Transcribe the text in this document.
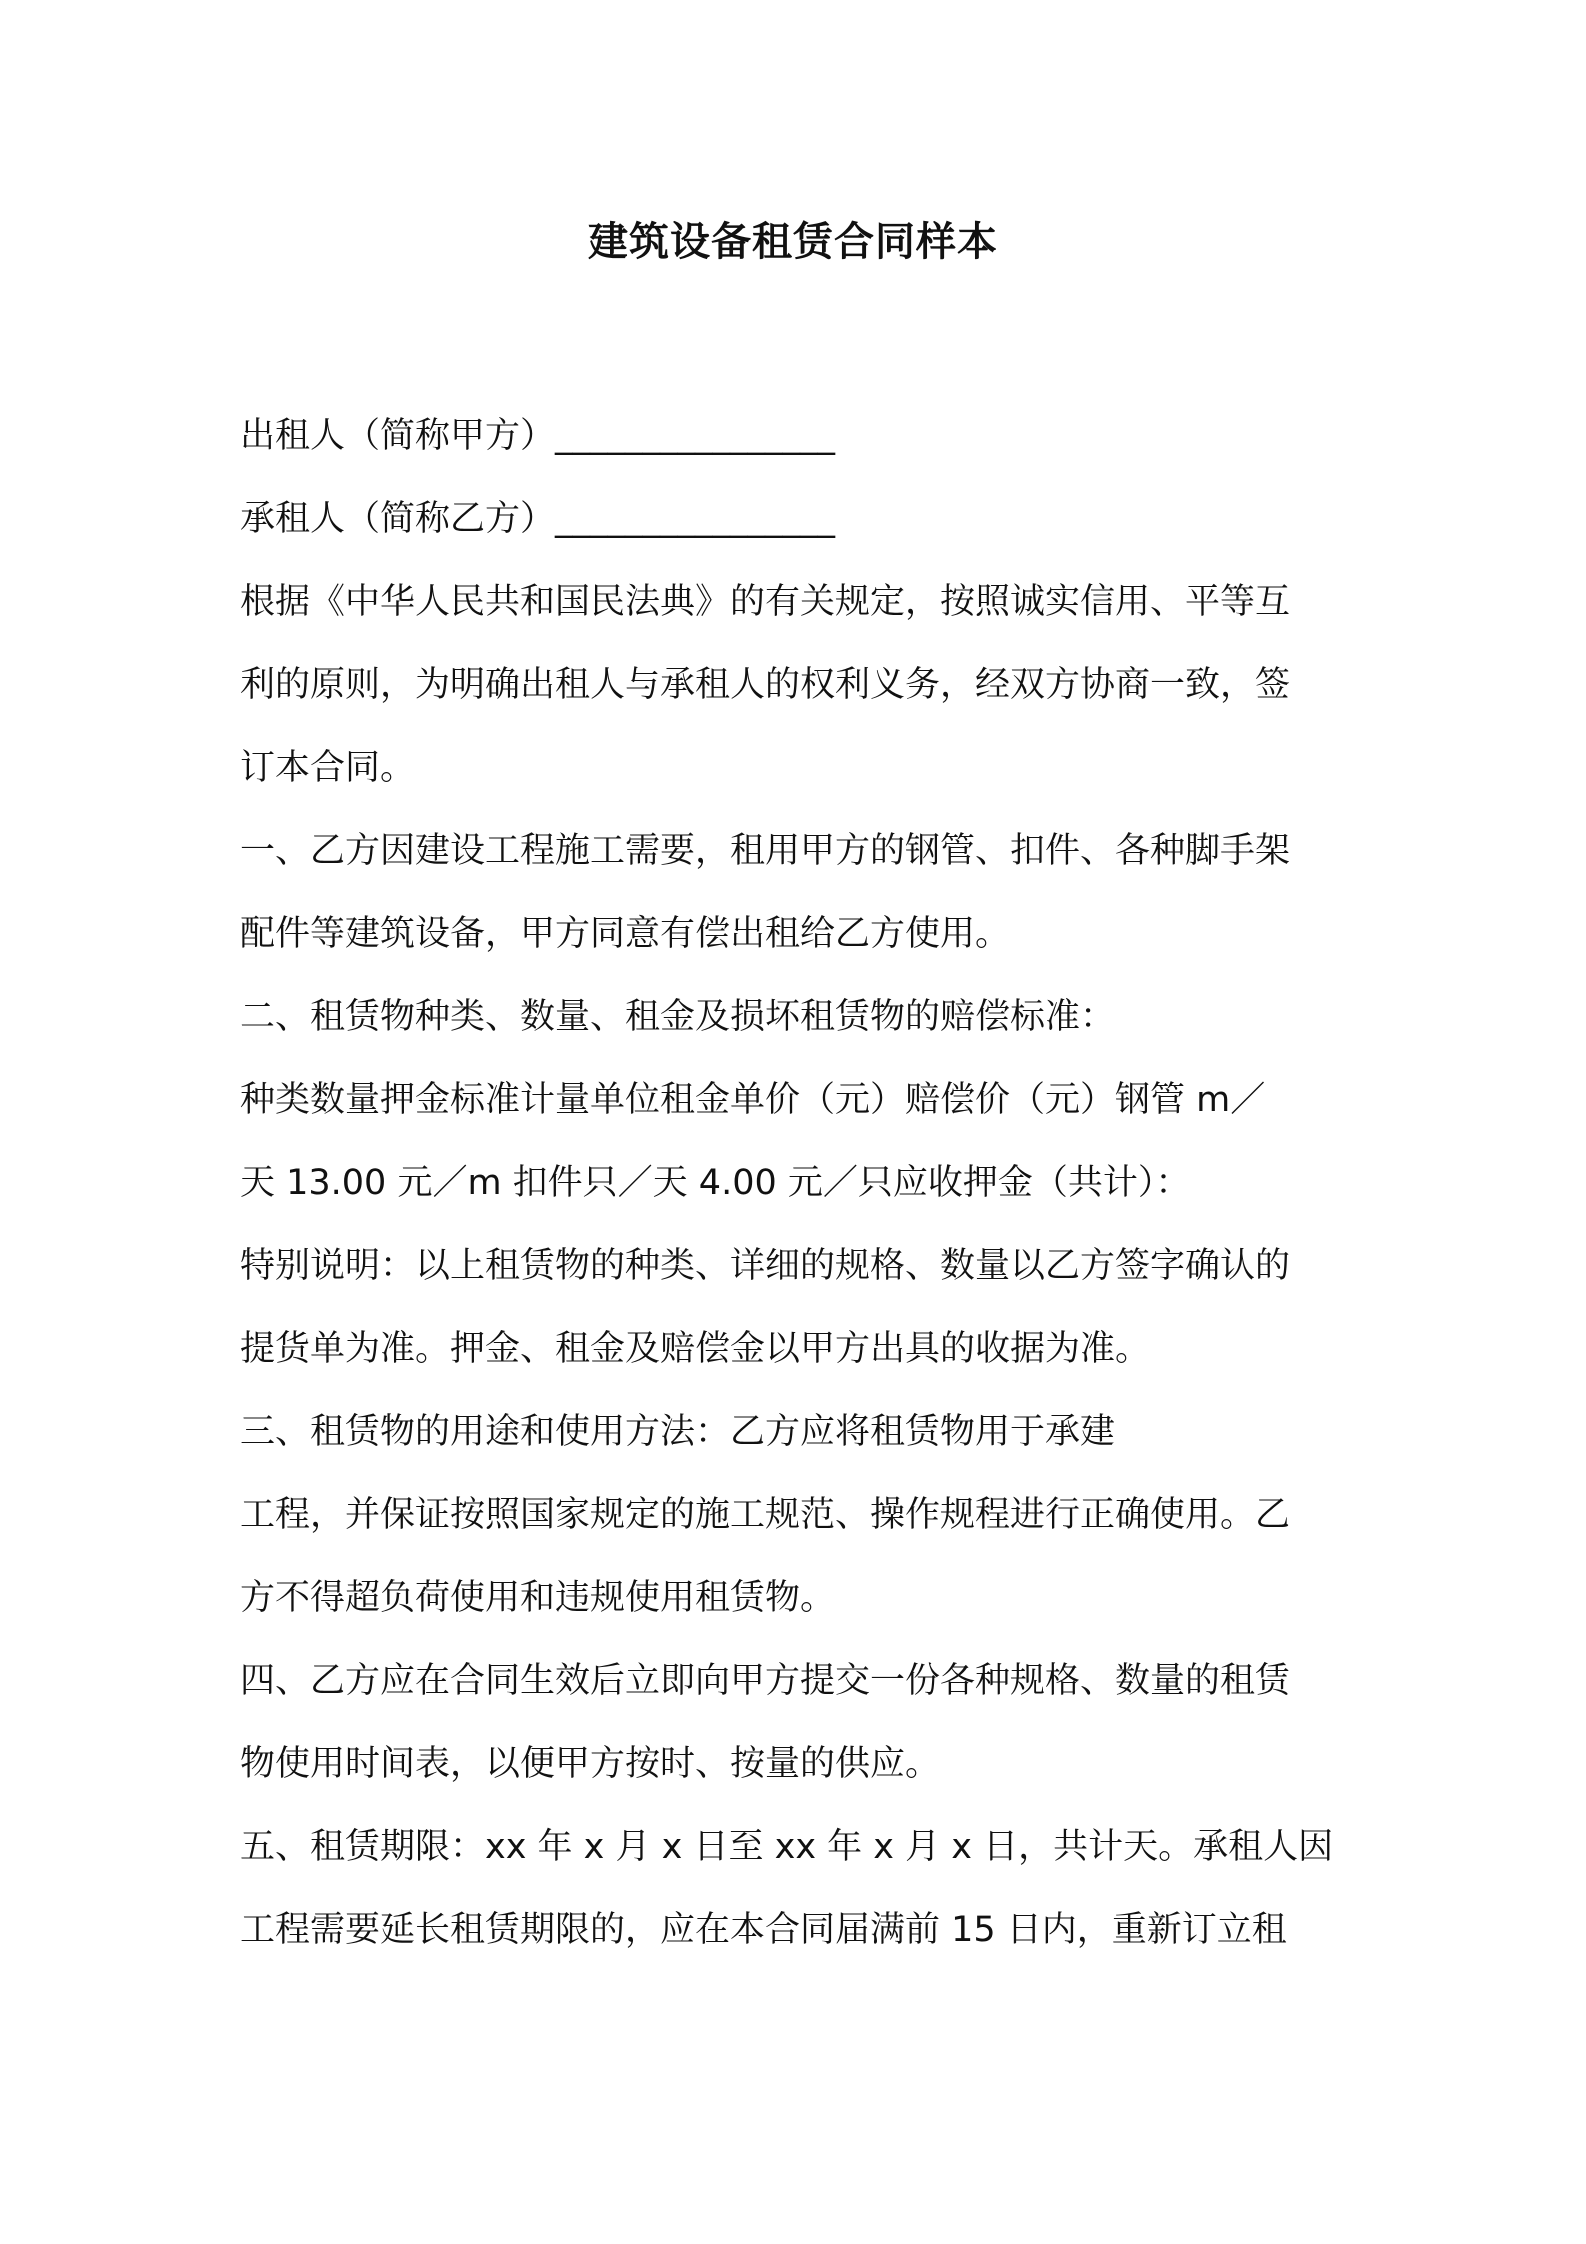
建筑设备租赁合同样本
出租人（简称甲方）________________
承租人（简称乙方）________________
根据《中华人民共和国民法典》的有关规定，按照诚实信用、平等互
利的原则，为明确出租人与承租人的权利义务，经双方协商一致，签
订本合同。
一、乙方因建设工程施工需要，租用甲方的钢管、扣件、各种脚手架
配件等建筑设备，甲方同意有偿出租给乙方使用。
二、租赁物种类、数量、租金及损坏租赁物的赔偿标准：
种类数量押金标准计量单位租金单价（元）赔偿价（元）钢管 m／
天 13.00 元／m 扣件只／天 4.00 元／只应收押金（共计）：
特别说明：以上租赁物的种类、详细的规格、数量以乙方签字确认的
提货单为准。押金、租金及赔偿金以甲方出具的收据为准。
三、租赁物的用途和使用方法：乙方应将租赁物用于承建
工程，并保证按照国家规定的施工规范、操作规程进行正确使用。乙
方不得超负荷使用和违规使用租赁物。
四、乙方应在合同生效后立即向甲方提交一份各种规格、数量的租赁
物使用时间表，以便甲方按时、按量的供应。
五、租赁期限：xx 年 x 月 x 日至 xx 年 x 月 x 日，共计天。承租人因
工程需要延长租赁期限的，应在本合同届满前 15 日内，重新订立租
